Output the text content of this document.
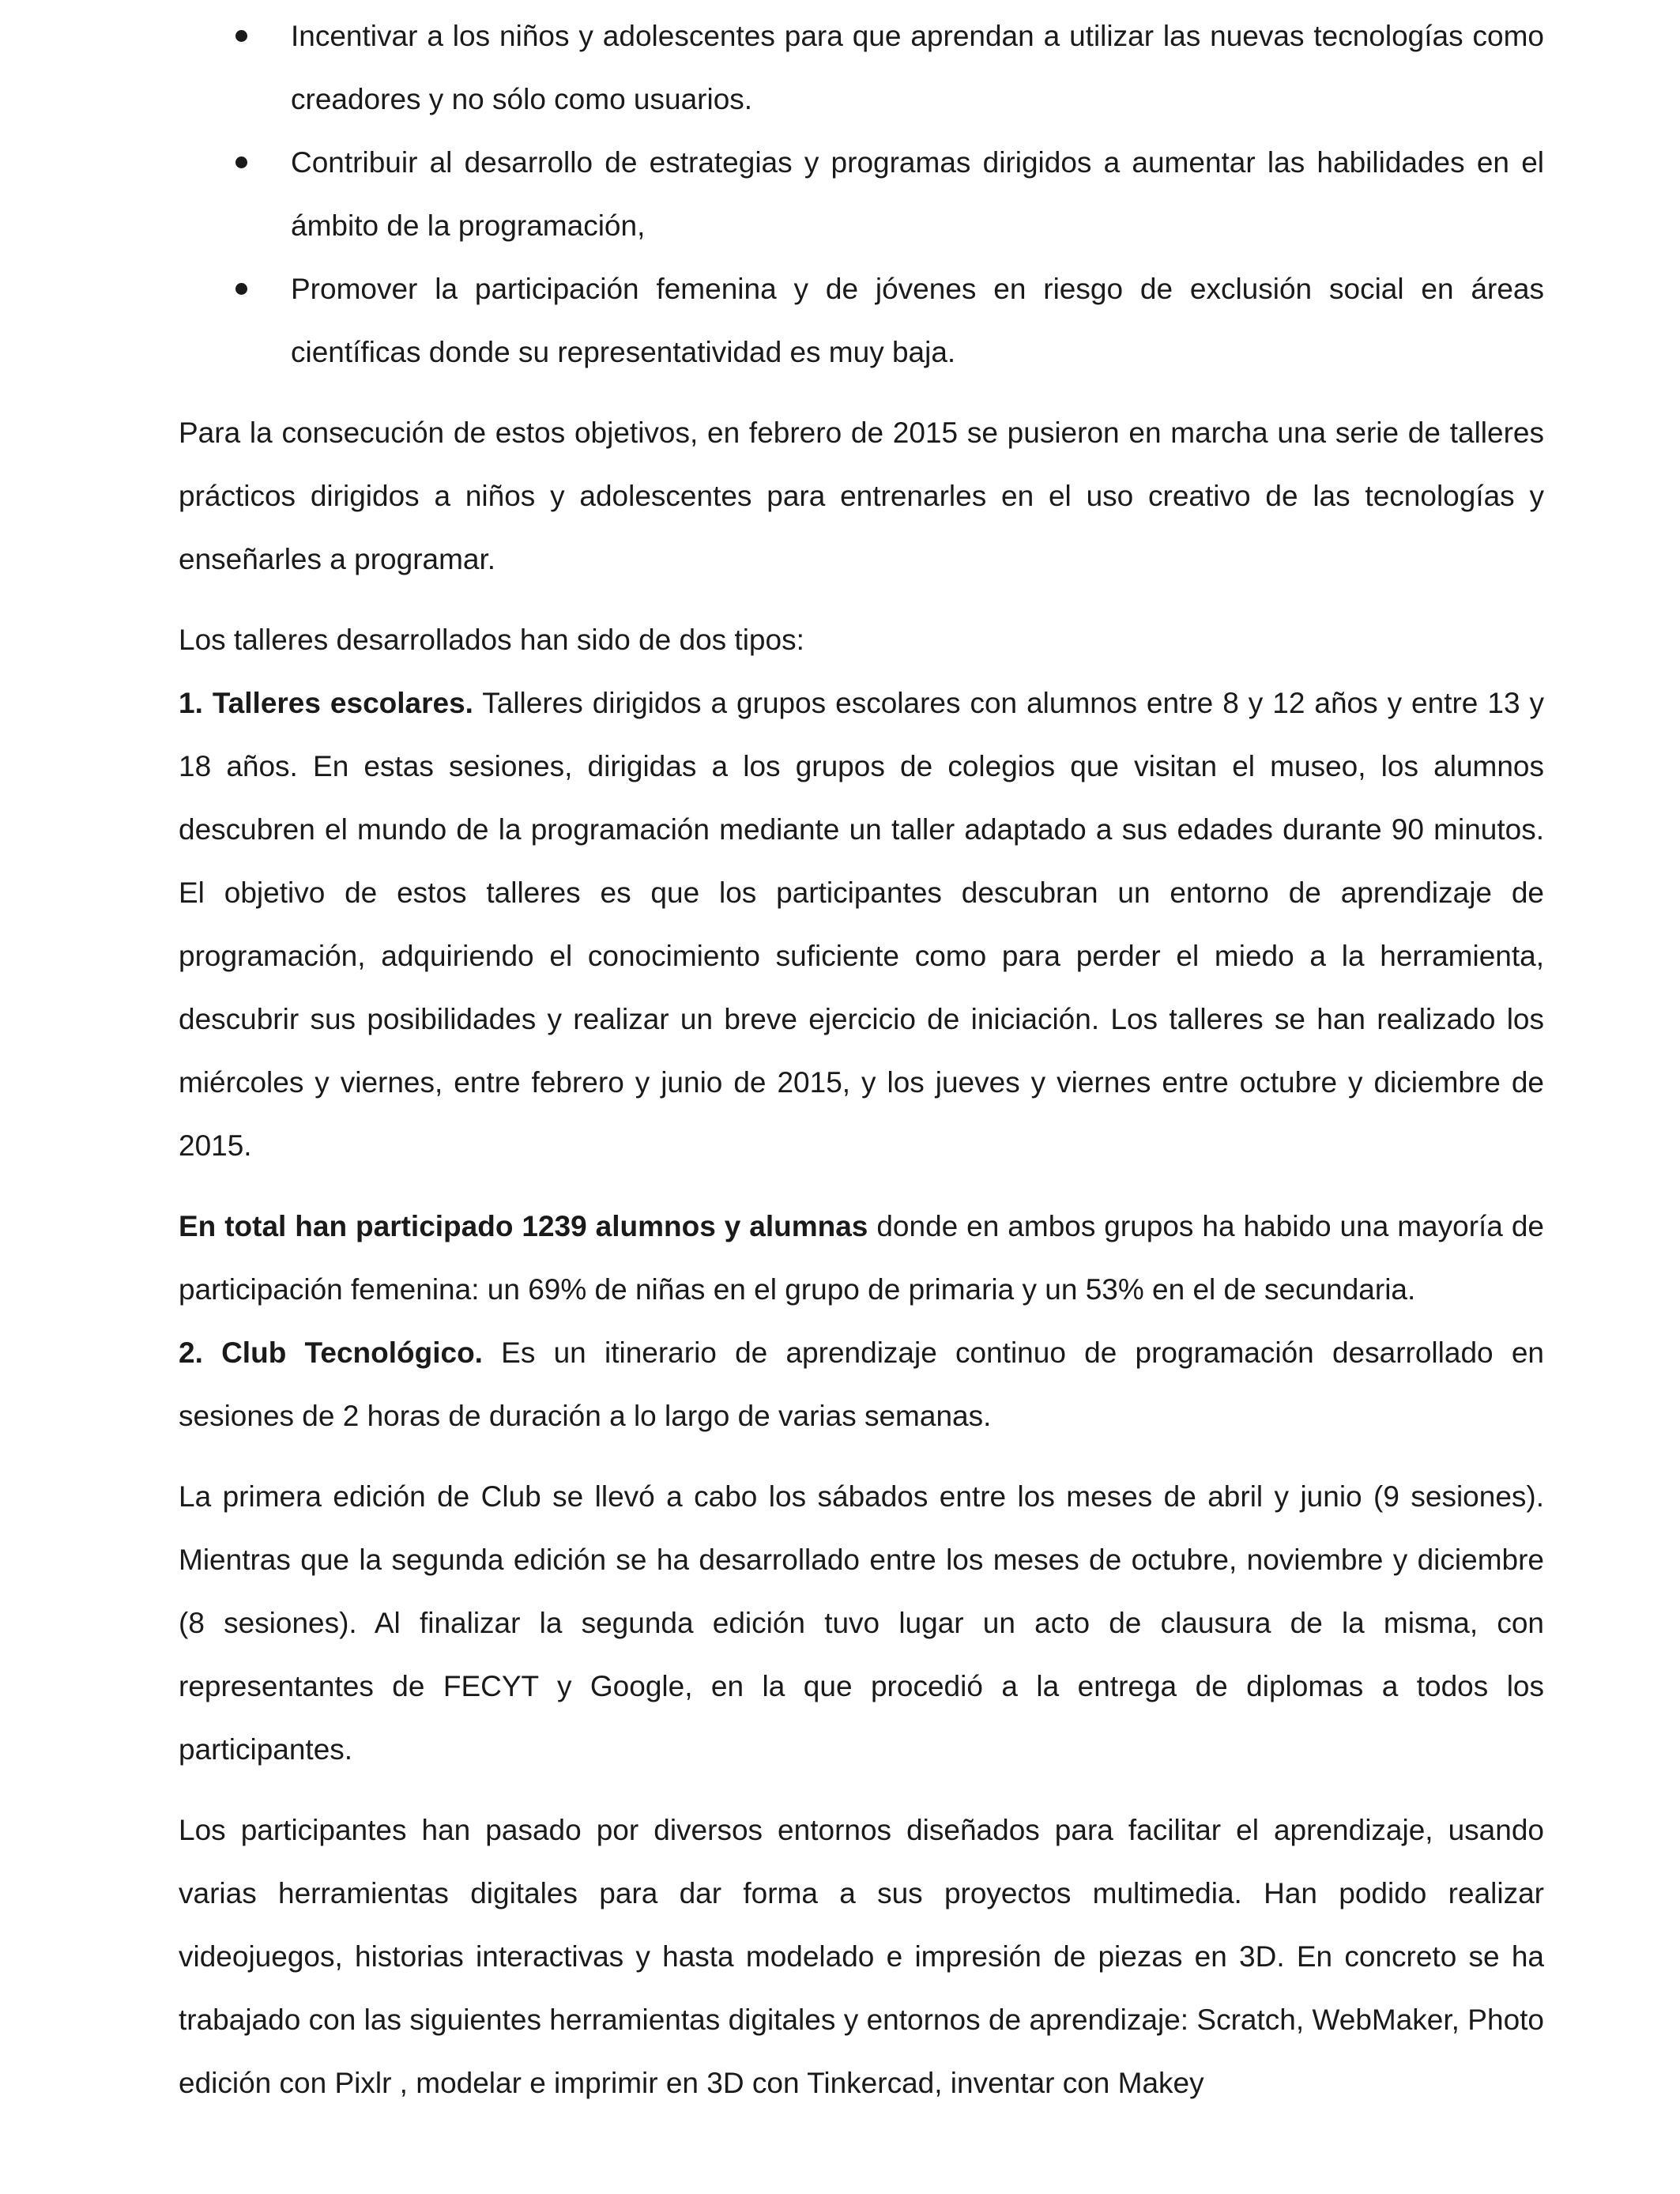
Incentivar a los niños y adolescentes para que aprendan a utilizar las nuevas tecnologías como creadores y no sólo como usuarios.
Contribuir al desarrollo de estrategias y programas dirigidos a aumentar las habilidades en el ámbito de la programación,
Promover la participación femenina y de jóvenes en riesgo de exclusión social en áreas científicas donde su representatividad es muy baja.

Para la consecución de estos objetivos, en febrero de 2015 se pusieron en marcha una serie de talleres prácticos dirigidos a niños y adolescentes para entrenarles en el uso creativo de las tecnologías y enseñarles a programar.

Los talleres desarrollados han sido de dos tipos:

1. Talleres escolares. Talleres dirigidos a grupos escolares con alumnos entre 8 y 12 años y entre 13 y 18 años. En estas sesiones, dirigidas a los grupos de colegios que visitan el museo, los alumnos descubren el mundo de la programación mediante un taller adaptado a sus edades durante 90 minutos. El objetivo de estos talleres es que los participantes descubran un entorno de aprendizaje de programación, adquiriendo el conocimiento suficiente como para perder el miedo a la herramienta, descubrir sus posibilidades y realizar un breve ejercicio de iniciación. Los talleres se han realizado los miércoles y viernes, entre febrero y junio de 2015, y los jueves y viernes entre octubre y diciembre de 2015.

En total han participado 1239 alumnos y alumnas donde en ambos grupos ha habido una mayoría de participación femenina: un 69% de niñas en el grupo de primaria y un 53% en el de secundaria.

2. Club Tecnológico. Es un itinerario de aprendizaje continuo de programación desarrollado en sesiones de 2 horas de duración a lo largo de varias semanas.

La primera edición de Club se llevó a cabo los sábados entre los meses de abril y junio (9 sesiones). Mientras que la segunda edición se ha desarrollado entre los meses de octubre, noviembre y diciembre (8 sesiones). Al finalizar la segunda edición tuvo lugar un acto de clausura de la misma, con representantes de FECYT y Google, en la que procedió a la entrega de diplomas a todos los participantes.

Los participantes han pasado por diversos entornos diseñados para facilitar el aprendizaje, usando varias herramientas digitales para dar forma a sus proyectos multimedia. Han podido realizar videojuegos, historias interactivas y hasta modelado e impresión de piezas en 3D. En concreto se ha trabajado con las siguientes herramientas digitales y entornos de aprendizaje: Scratch, WebMaker, Photo edición con Pixlr , modelar e imprimir en 3D con Tinkercad, inventar con Makey
